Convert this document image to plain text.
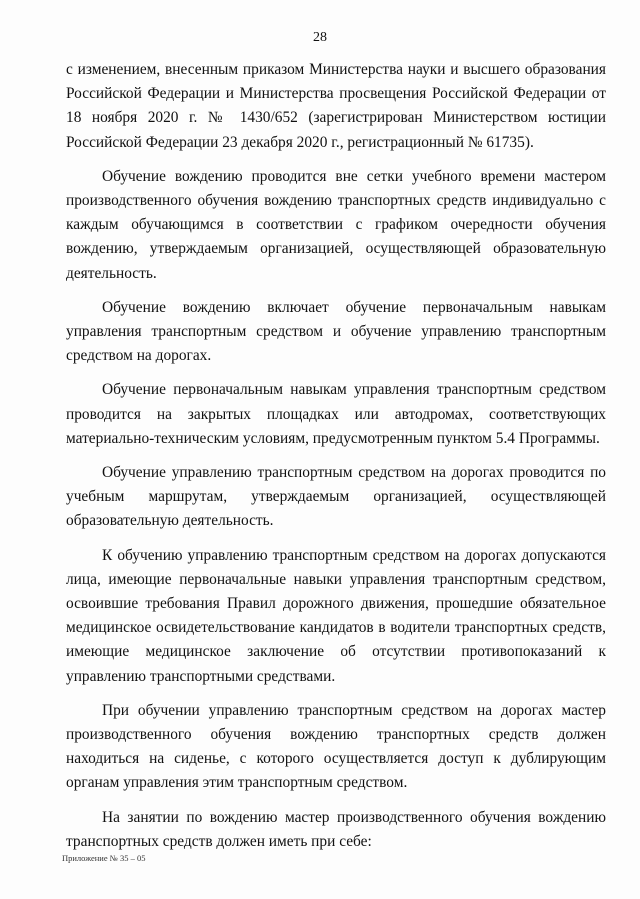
28

с изменением, внесенным приказом Министерства науки и высшего образования Российской Федерации и Министерства просвещения Российской Федерации от 18 ноября 2020 г. № 1430/652 (зарегистрирован Министерством юстиции Российской Федерации 23 декабря 2020 г., регистрационный № 61735).

Обучение вождению проводится вне сетки учебного времени мастером производственного обучения вождению транспортных средств индивидуально с каждым обучающимся в соответствии с графиком очередности обучения вождению, утверждаемым организацией, осуществляющей образовательную деятельность.

Обучение вождению включает обучение первоначальным навыкам управления транспортным средством и обучение управлению транспортным средством на дорогах.

Обучение первоначальным навыкам управления транспортным средством проводится на закрытых площадках или автодромах, соответствующих материально-техническим условиям, предусмотренным пунктом 5.4 Программы.

Обучение управлению транспортным средством на дорогах проводится по учебным маршрутам, утверждаемым организацией, осуществляющей образовательную деятельность.

К обучению управлению транспортным средством на дорогах допускаются лица, имеющие первоначальные навыки управления транспортным средством, освоившие требования Правил дорожного движения, прошедшие обязательное медицинское освидетельствование кандидатов в водители транспортных средств, имеющие медицинское заключение об отсутствии противопоказаний к управлению транспортными средствами.

При обучении управлению транспортным средством на дорогах мастер производственного обучения вождению транспортных средств должен находиться на сиденье, с которого осуществляется доступ к дублирующим органам управления этим транспортным средством.

На занятии по вождению мастер производственного обучения вождению транспортных средств должен иметь при себе:

Приложение № 35 – 05
